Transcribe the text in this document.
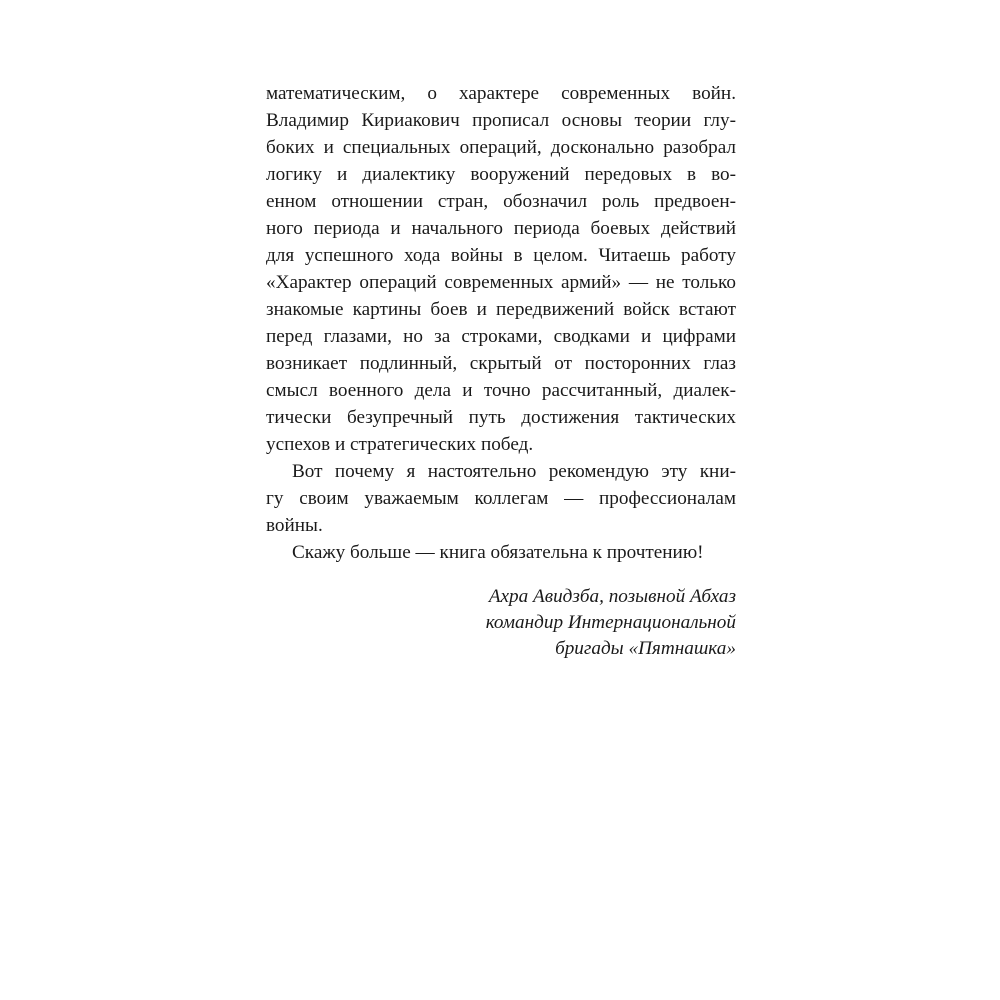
математическим, о характере современных войн.
Владимир Кириакович прописал основы теории глу-
боких и специальных операций, досконально разобрал
логику и диалектику вооружений передовых в во-
енном отношении стран, обозначил роль предвоен-
ного периода и начального периода боевых действий
для успешного хода войны в целом. Читаешь работу
«Характер операций современных армий» — не только
знакомые картины боев и передвижений войск встают
перед глазами, но за строками, сводками и цифрами
возникает подлинный, скрытый от посторонних глаз
смысл военного дела и точно рассчитанный, диалек-
тически безупречный путь достижения тактических
успехов и стратегических побед.
Вот почему я настоятельно рекомендую эту кни-
гу своим уважаемым коллегам — профессионалам
войны.
Скажу больше — книга обязательна к прочтению!
Ахра Авидзба, позывной Абхаз
командир Интернациональной
бригады «Пятнашка»
